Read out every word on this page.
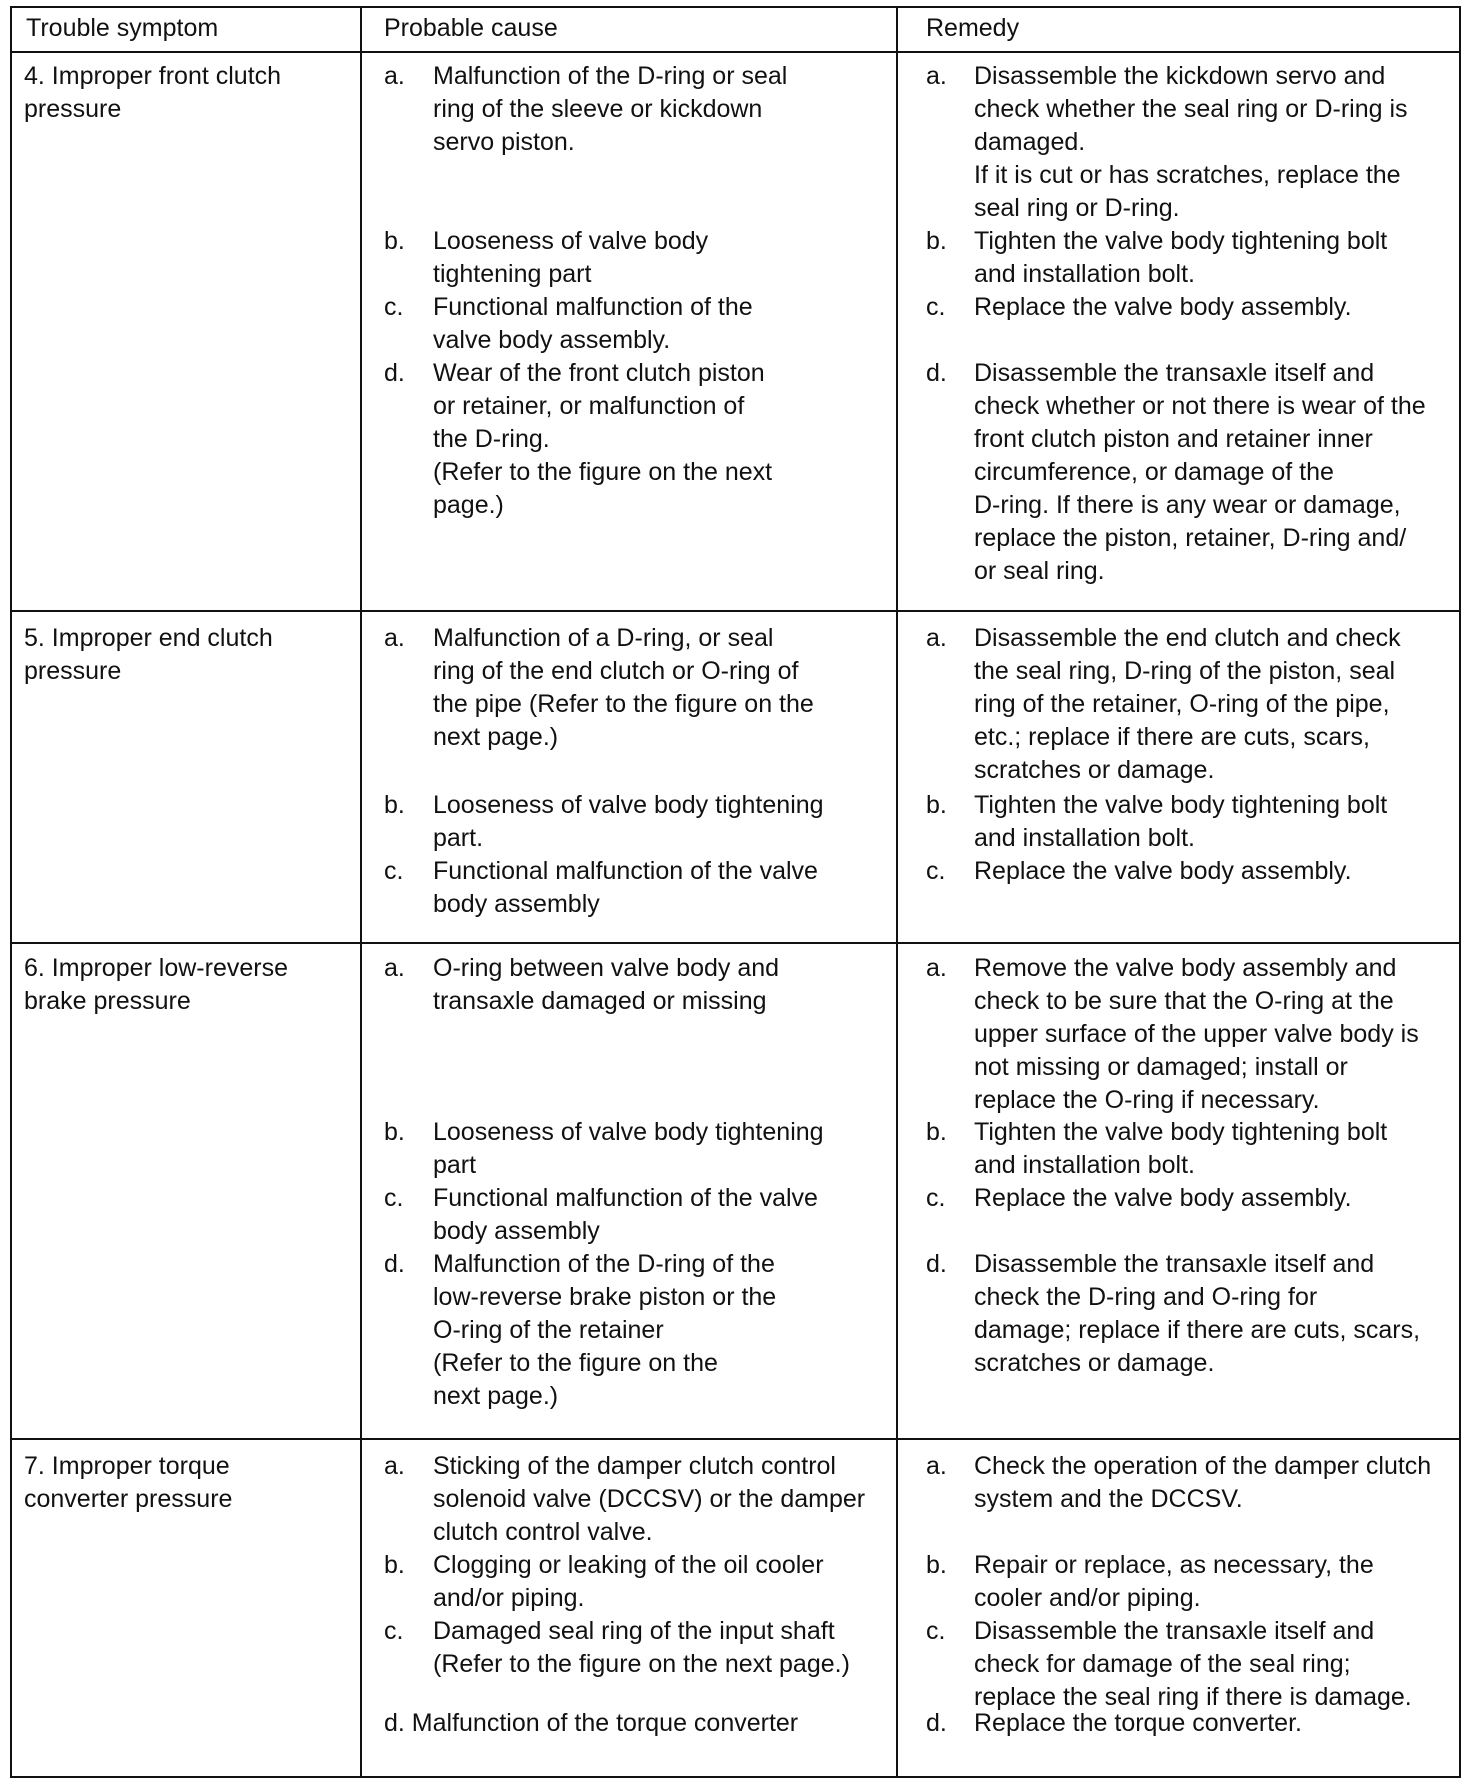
Trouble symptom	Probable cause	Remedy
4. Improper front clutch
pressure
a. Malfunction of the D-ring or seal
ring of the sleeve or kickdown
servo piston.
b. Looseness of valve body
tightening part
c. Functional malfunction of the
valve body assembly.
d. Wear of the front clutch piston
or retainer, or malfunction of
the D-ring.
(Refer to the figure on the next
page.)
a. Disassemble the kickdown servo and
check whether the seal ring or D-ring is
damaged.
If it is cut or has scratches, replace the
seal ring or D-ring.
b. Tighten the valve body tightening bolt
and installation bolt.
c. Replace the valve body assembly.
d. Disassemble the transaxle itself and
check whether or not there is wear of the
front clutch piston and retainer inner
circumference, or damage of the
D-ring. If there is any wear or damage,
replace the piston, retainer, D-ring and/
or seal ring.
5. Improper end clutch
pressure
a. Malfunction of a D-ring, or seal
ring of the end clutch or O-ring of
the pipe (Refer to the figure on the
next page.)
b. Looseness of valve body tightening
part.
c. Functional malfunction of the valve
body assembly
a. Disassemble the end clutch and check
the seal ring, D-ring of the piston, seal
ring of the retainer, O-ring of the pipe,
etc.; replace if there are cuts, scars,
scratches or damage.
b. Tighten the valve body tightening bolt
and installation bolt.
c. Replace the valve body assembly.
6. Improper low-reverse
brake pressure
a. O-ring between valve body and
transaxle damaged or missing
b. Looseness of valve body tightening
part
c. Functional malfunction of the valve
body assembly
d. Malfunction of the D-ring of the
low-reverse brake piston or the
O-ring of the retainer
(Refer to the figure on the
next page.)
a. Remove the valve body assembly and
check to be sure that the O-ring at the
upper surface of the upper valve body is
not missing or damaged; install or
replace the O-ring if necessary.
b. Tighten the valve body tightening bolt
and installation bolt.
c. Replace the valve body assembly.
d. Disassemble the transaxle itself and
check the D-ring and O-ring for
damage; replace if there are cuts, scars,
scratches or damage.
7. Improper torque
converter pressure
a. Sticking of the damper clutch control
solenoid valve (DCCSV) or the damper
clutch control valve.
b. Clogging or leaking of the oil cooler
and/or piping.
c. Damaged seal ring of the input shaft
(Refer to the figure on the next page.)
d. Malfunction of the torque converter
a. Check the operation of the damper clutch
system and the DCCSV.
b. Repair or replace, as necessary, the
cooler and/or piping.
c. Disassemble the transaxle itself and
check for damage of the seal ring;
replace the seal ring if there is damage.
d. Replace the torque converter.
